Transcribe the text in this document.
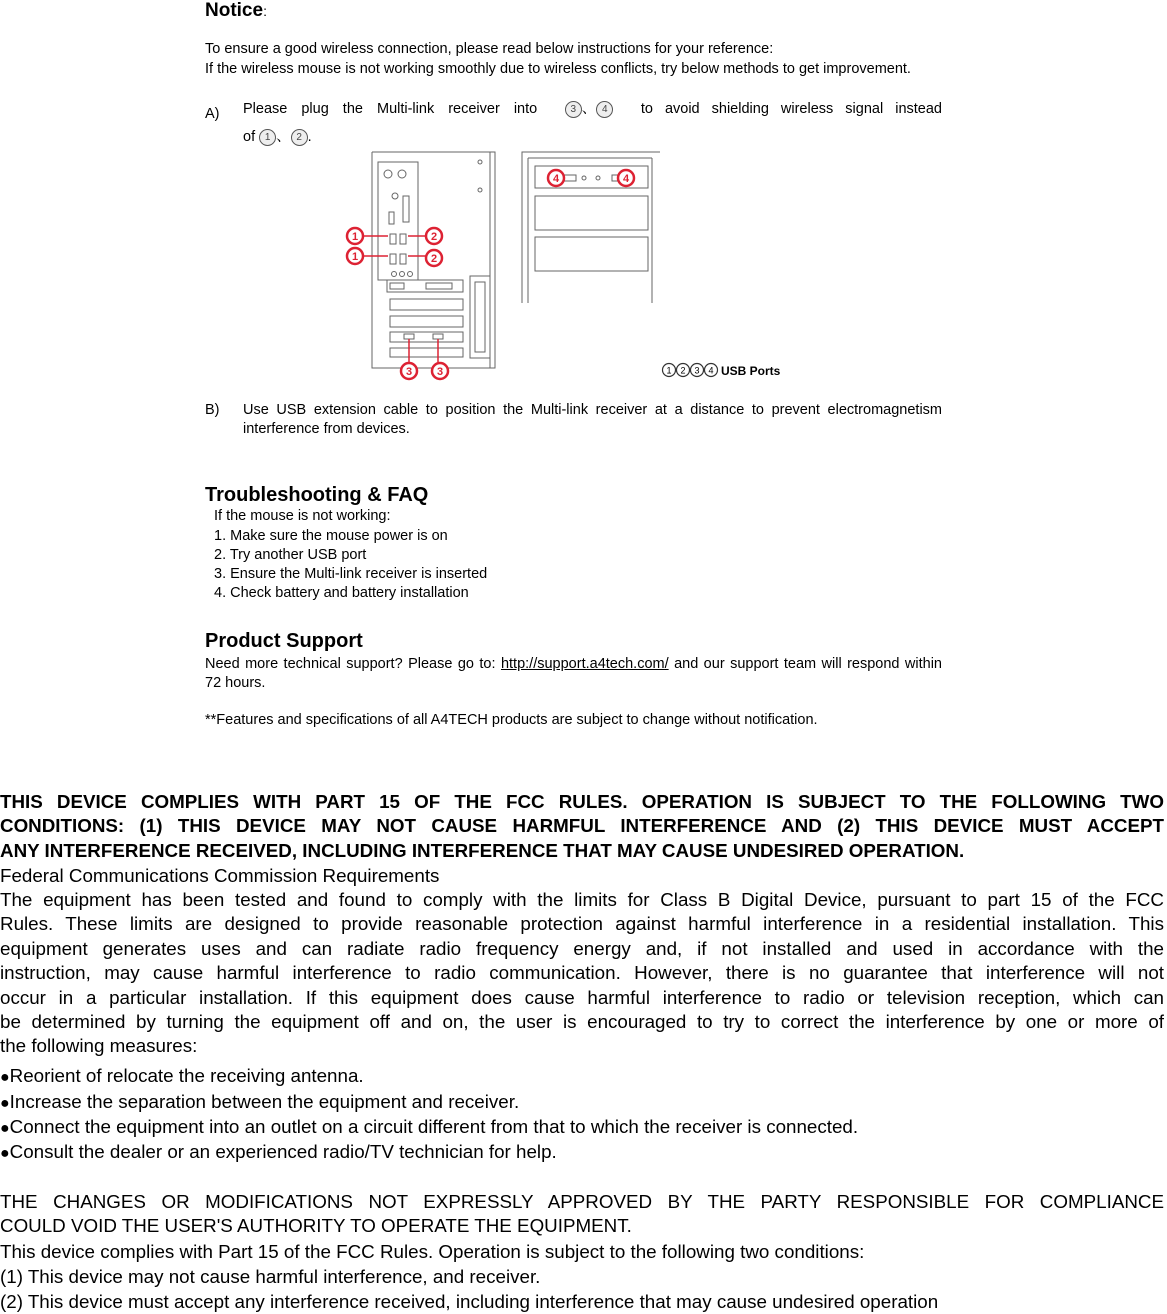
Notice:
To ensure a good wireless connection, please read below instructions for your reference:
If the wireless mouse is not working smoothly due to wireless conflicts, try below methods to get improvement.
A) Please plug the Multi-link receiver into	3 、 4	to avoid shielding wireless signal instead
of 1 、 2 .
1
1
2
2
3 3
4	4
1 2 3 4 USB Ports
B) Use USB extension cable to position the Multi-link receiver at a distance to prevent electromagnetism interference from devices.
Troubleshooting & FAQ
If the mouse is not working:
1. Make sure the mouse power is on
2. Try another USB port
3. Ensure the Multi-link receiver is inserted
4. Check battery and battery installation
Product Support
Need more technical support? Please go to: http://support.a4tech.com/ and our support team will respond within 72 hours.
**Features and specifications of all A4TECH products are subject to change without notification.
THIS DEVICE COMPLIES WITH PART 15 OF THE FCC RULES. OPERATION IS SUBJECT TO THE FOLLOWING TWO
CONDITIONS: (1) THIS DEVICE MAY NOT CAUSE HARMFUL INTERFERENCE AND (2) THIS DEVICE MUST ACCEPT
ANY INTERFERENCE RECEIVED, INCLUDING INTERFERENCE THAT MAY CAUSE UNDESIRED OPERATION.
Federal Communications Commission Requirements
The equipment has been tested and found to comply with the limits for Class B Digital Device, pursuant to part 15 of the FCC
Rules. These limits are designed to provide reasonable protection against harmful interference in a residential installation. This
equipment generates uses and can radiate radio frequency energy and, if not installed and used in accordance with the
instruction, may cause harmful interference to radio communication. However, there is no guarantee that interference will not
occur in a particular installation. If this equipment does cause harmful interference to radio or television reception, which can
be determined by turning the equipment off and on, the user is encouraged to try to correct the interference by one or more of
the following measures:
●Reorient of relocate the receiving antenna.
●Increase the separation between the equipment and receiver.
●Connect the equipment into an outlet on a circuit different from that to which the receiver is connected.
●Consult the dealer or an experienced radio/TV technician for help.
THE CHANGES OR MODIFICATIONS NOT EXPRESSLY APPROVED BY THE PARTY RESPONSIBLE FOR COMPLIANCE
COULD VOID THE USER'S AUTHORITY TO OPERATE THE EQUIPMENT.
This device complies with Part 15 of the FCC Rules. Operation is subject to the following two conditions:
(1) This device may not cause harmful interference, and receiver.
(2) This device must accept any interference received, including interference that may cause undesired operation
